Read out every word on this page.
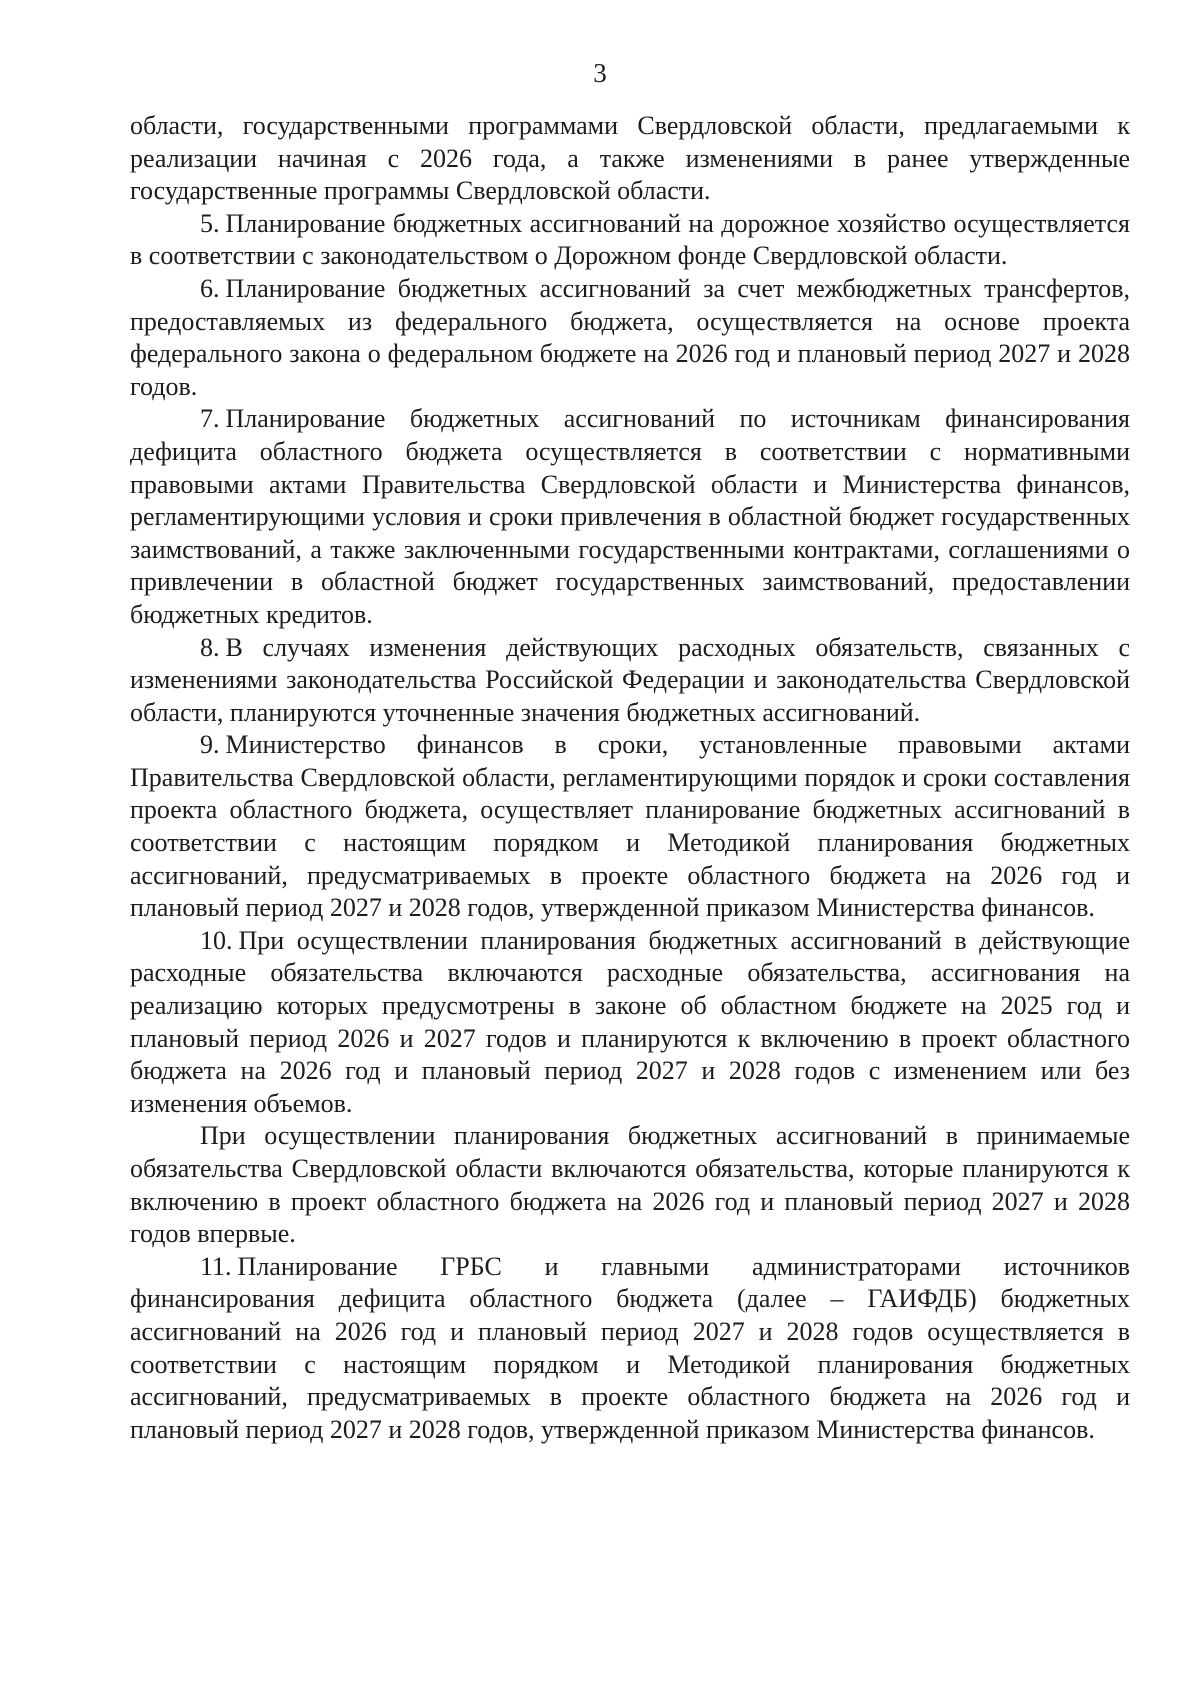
3

области, государственными программами Свердловской области, предлагаемыми к реализации начиная с 2026 года, а также изменениями в ранее утвержденные государственные программы Свердловской области.

5. Планирование бюджетных ассигнований на дорожное хозяйство осуществляется в соответствии с законодательством о Дорожном фонде Свердловской области.

6. Планирование бюджетных ассигнований за счет межбюджетных трансфертов, предоставляемых из федерального бюджета, осуществляется на основе проекта федерального закона о федеральном бюджете на 2026 год и плановый период 2027 и 2028 годов.

7. Планирование бюджетных ассигнований по источникам финансирования дефицита областного бюджета осуществляется в соответствии с нормативными правовыми актами Правительства Свердловской области и Министерства финансов, регламентирующими условия и сроки привлечения в областной бюджет государственных заимствований, а также заключенными государственными контрактами, соглашениями о привлечении в областной бюджет государственных заимствований, предоставлении бюджетных кредитов.

8. В случаях изменения действующих расходных обязательств, связанных с изменениями законодательства Российской Федерации и законодательства Свердловской области, планируются уточненные значения бюджетных ассигнований.

9. Министерство финансов в сроки, установленные правовыми актами Правительства Свердловской области, регламентирующими порядок и сроки составления проекта областного бюджета, осуществляет планирование бюджетных ассигнований в соответствии с настоящим порядком и Методикой планирования бюджетных ассигнований, предусматриваемых в проекте областного бюджета на 2026 год и плановый период 2027 и 2028 годов, утвержденной приказом Министерства финансов.

10. При осуществлении планирования бюджетных ассигнований в действующие расходные обязательства включаются расходные обязательства, ассигнования на реализацию которых предусмотрены в законе об областном бюджете на 2025 год и плановый период 2026 и 2027 годов и планируются к включению в проект областного бюджета на 2026 год и плановый период 2027 и 2028 годов с изменением или без изменения объемов.

При осуществлении планирования бюджетных ассигнований в принимаемые обязательства Свердловской области включаются обязательства, которые планируются к включению в проект областного бюджета на 2026 год и плановый период 2027 и 2028 годов впервые.

11. Планирование ГРБС и главными администраторами источников финансирования дефицита областного бюджета (далее – ГАИФДБ) бюджетных ассигнований на 2026 год и плановый период 2027 и 2028 годов осуществляется в соответствии с настоящим порядком и Методикой планирования бюджетных ассигнований, предусматриваемых в проекте областного бюджета на 2026 год и плановый период 2027 и 2028 годов, утвержденной приказом Министерства финансов.
